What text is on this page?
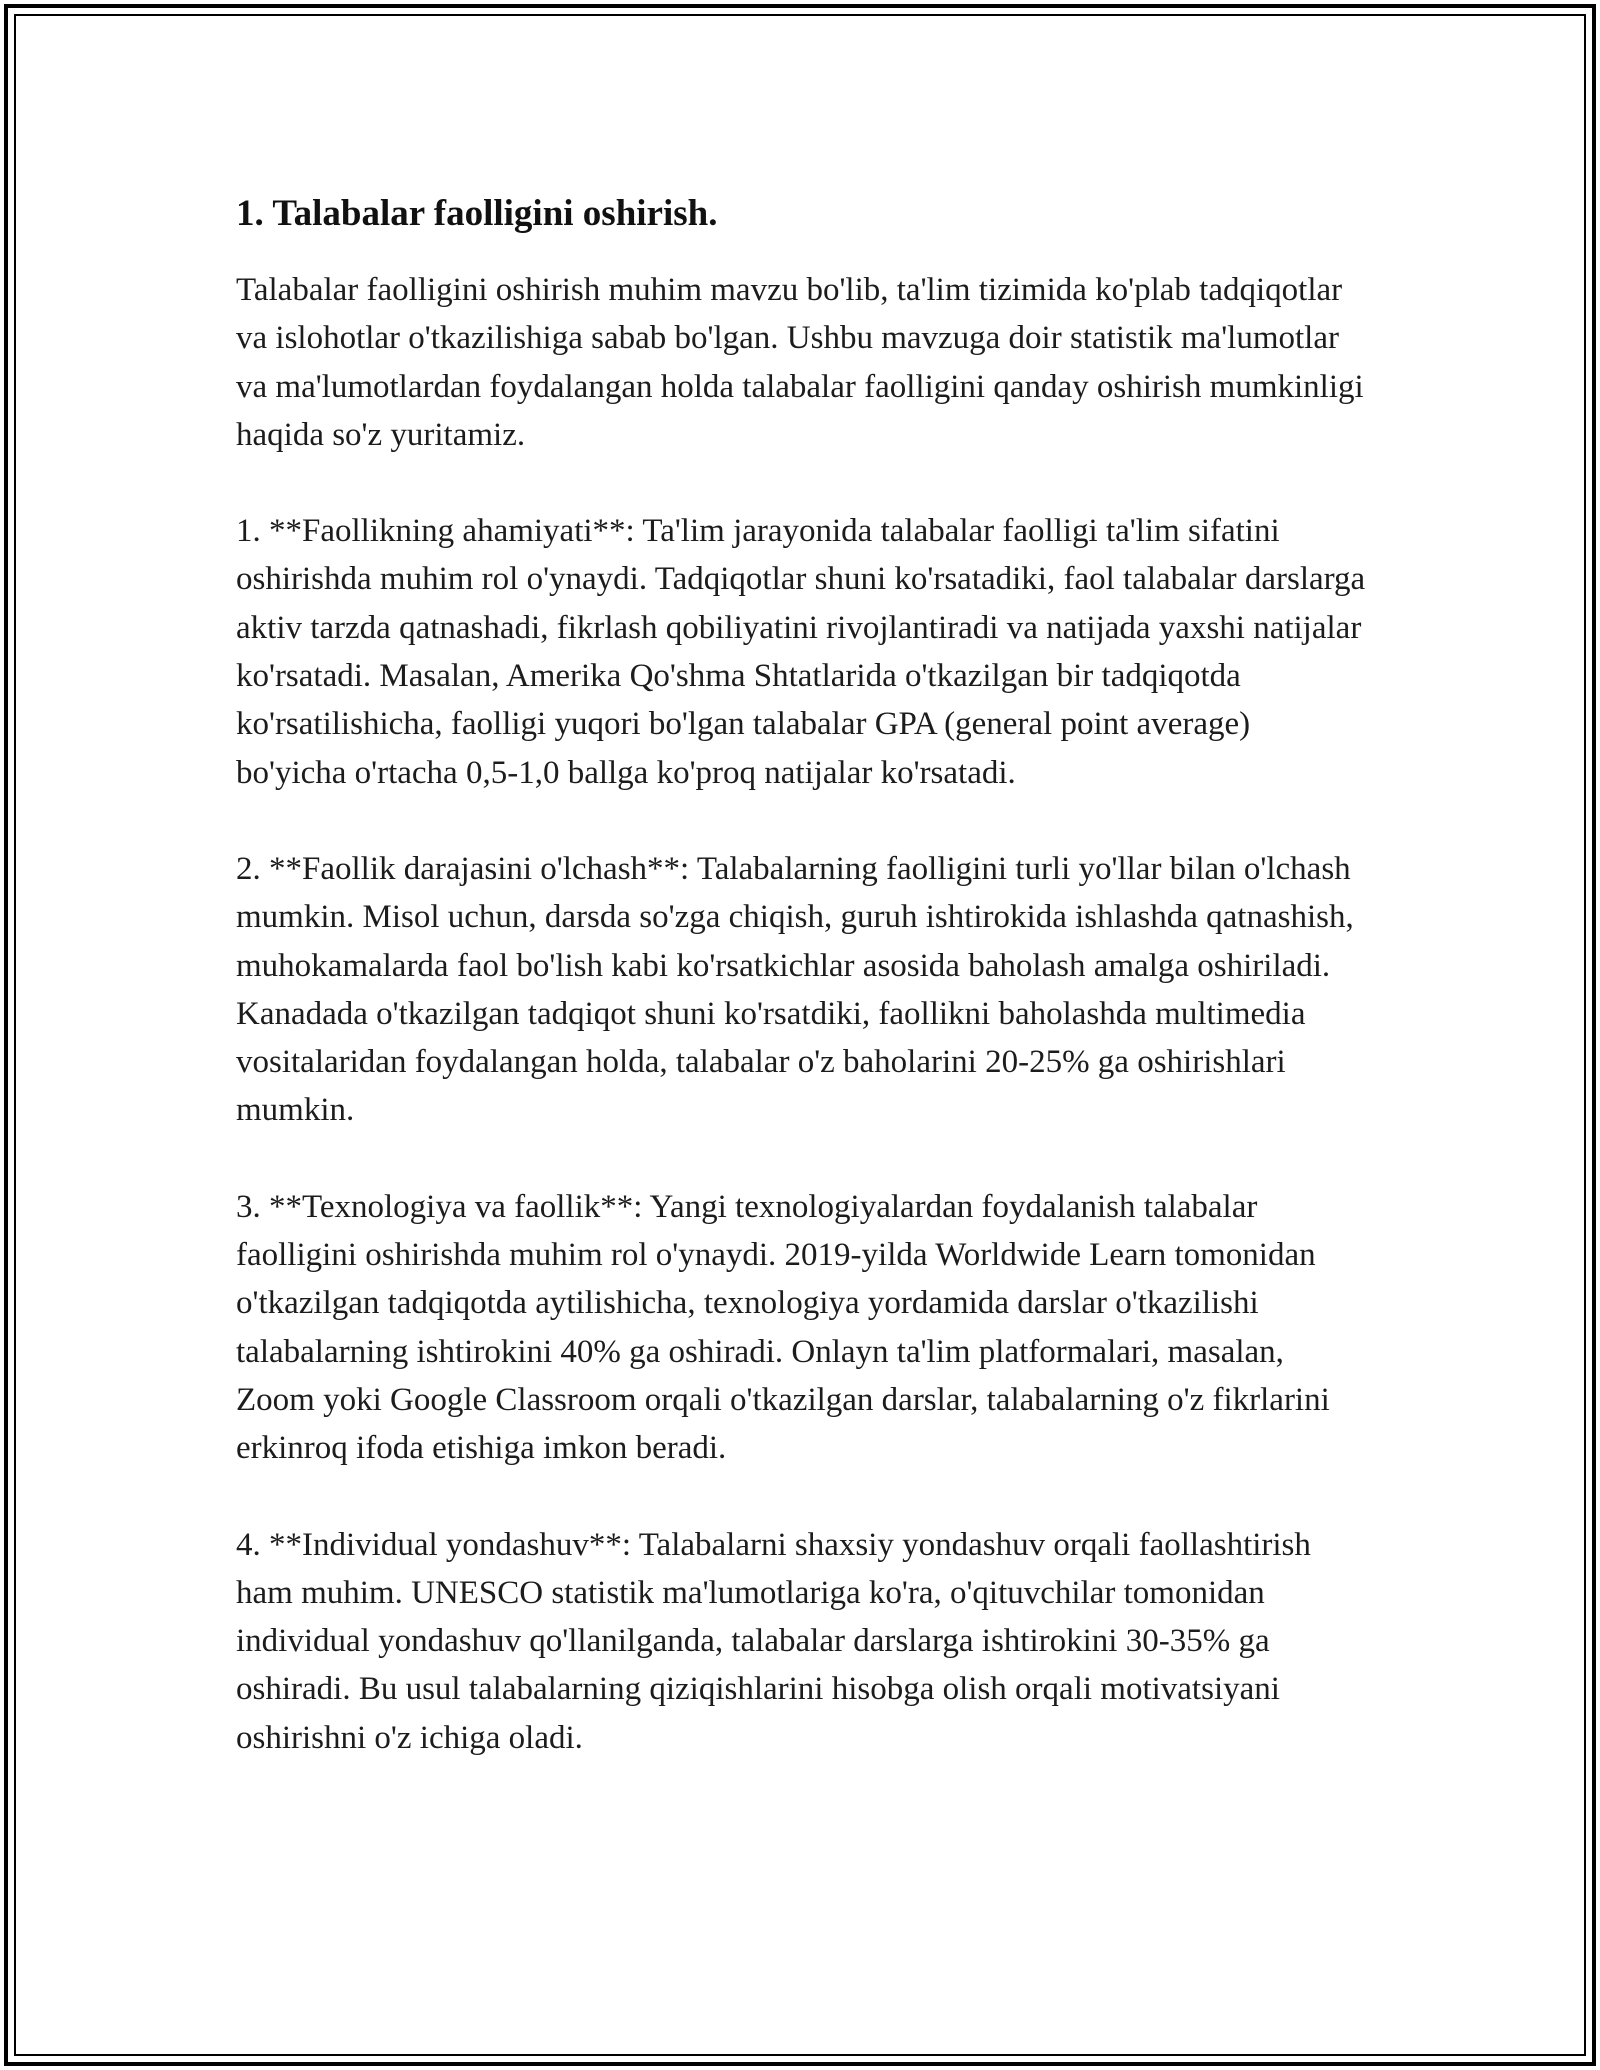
1. Talabalar faolligini oshirish.

Talabalar faolligini oshirish muhim mavzu bo'lib, ta'lim tizimida ko'plab tadqiqotlar va islohotlar o'tkazilishiga sabab bo'lgan. Ushbu mavzuga doir statistik ma'lumotlar va ma'lumotlardan foydalangan holda talabalar faolligini qanday oshirish mumkinligi haqida so'z yuritamiz.

1. **Faollikning ahamiyati**: Ta'lim jarayonida talabalar faolligi ta'lim sifatini oshirishda muhim rol o'ynaydi. Tadqiqotlar shuni ko'rsatadiki, faol talabalar darslarga aktiv tarzda qatnashadi, fikrlash qobiliyatini rivojlantiradi va natijada yaxshi natijalar ko'rsatadi. Masalan, Amerika Qo'shma Shtatlarida o'tkazilgan bir tadqiqotda ko'rsatilishicha, faolligi yuqori bo'lgan talabalar GPA (general point average) bo'yicha o'rtacha 0,5-1,0 ballga ko'proq natijalar ko'rsatadi.

2. **Faollik darajasini o'lchash**: Talabalarning faolligini turli yo'llar bilan o'lchash mumkin. Misol uchun, darsda so'zga chiqish, guruh ishtirokida ishlashda qatnashish, muhokamalarda faol bo'lish kabi ko'rsatkichlar asosida baholash amalga oshiriladi. Kanadada o'tkazilgan tadqiqot shuni ko'rsatdiki, faollikni baholashda multimedia vositalaridan foydalangan holda, talabalar o'z baholarini 20-25% ga oshirishlari mumkin.

3. **Texnologiya va faollik**: Yangi texnologiyalardan foydalanish talabalar faolligini oshirishda muhim rol o'ynaydi. 2019-yilda Worldwide Learn tomonidan o'tkazilgan tadqiqotda aytilishicha, texnologiya yordamida darslar o'tkazilishi talabalarning ishtirokini 40% ga oshiradi. Onlayn ta'lim platformalari, masalan, Zoom yoki Google Classroom orqali o'tkazilgan darslar, talabalarning o'z fikrlarini erkinroq ifoda etishiga imkon beradi.

4. **Individual yondashuv**: Talabalarni shaxsiy yondashuv orqali faollashtirish ham muhim. UNESCO statistik ma'lumotlariga ko'ra, o'qituvchilar tomonidan individual yondashuv qo'llanilganda, talabalar darslarga ishtirokini 30-35% ga oshiradi. Bu usul talabalarning qiziqishlarini hisobga olish orqali motivatsiyani oshirishni o'z ichiga oladi.
